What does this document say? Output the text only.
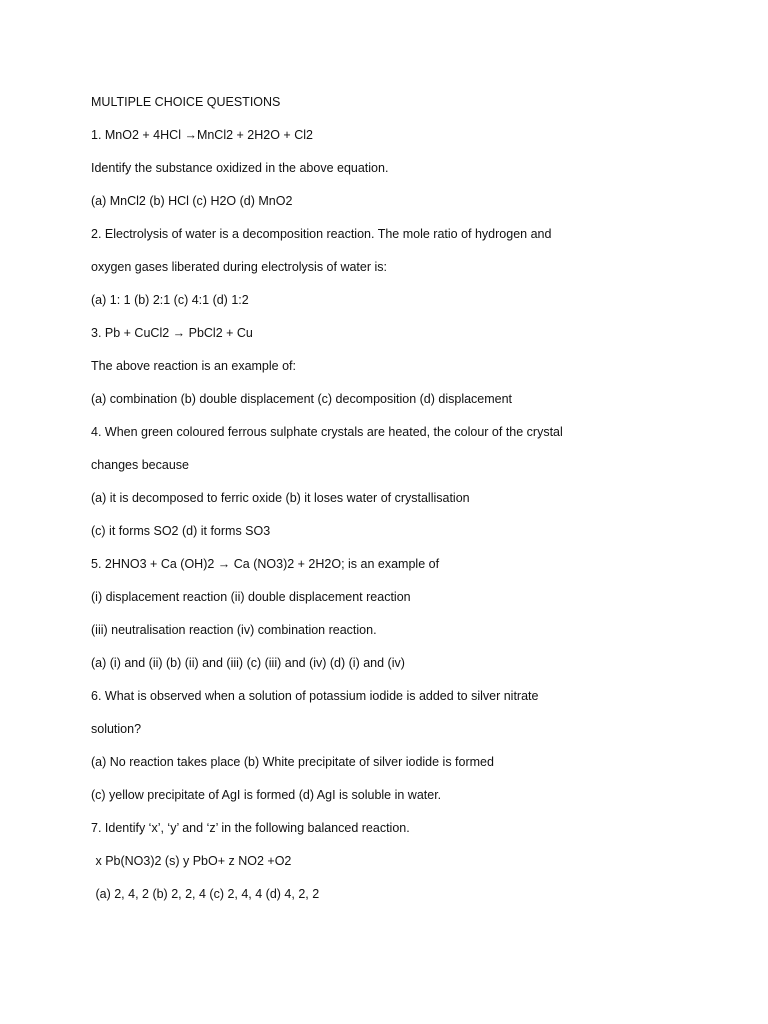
MULTIPLE CHOICE QUESTIONS

1. MnO2 + 4HCl →MnCl2 + 2H2O + Cl2

Identify the substance oxidized in the above equation.

(a) MnCl2 (b) HCl (c) H2O (d) MnO2

2. Electrolysis of water is a decomposition reaction. The mole ratio of hydrogen and

oxygen gases liberated during electrolysis of water is:

(a) 1: 1 (b) 2:1 (c) 4:1 (d) 1:2

3. Pb + CuCl2 → PbCl2 + Cu

The above reaction is an example of:

(a) combination (b) double displacement (c) decomposition (d) displacement

4. When green coloured ferrous sulphate crystals are heated, the colour of the crystal

changes because

(a) it is decomposed to ferric oxide (b) it loses water of crystallisation

(c) it forms SO2 (d) it forms SO3

5. 2HNO3 + Ca (OH)2 → Ca (NO3)2 + 2H2O; is an example of

(i) displacement reaction (ii) double displacement reaction

(iii) neutralisation reaction (iv) combination reaction.

(a) (i) and (ii) (b) (ii) and (iii) (c) (iii) and (iv) (d) (i) and (iv)

6. What is observed when a solution of potassium iodide is added to silver nitrate

solution?

(a) No reaction takes place (b) White precipitate of silver iodide is formed

(c) yellow precipitate of AgI is formed (d) AgI is soluble in water.

7. Identify ‘x’, ‘y’ and ‘z’ in the following balanced reaction.

x Pb(NO3)2 (s) y PbO+ z NO2 +O2

(a) 2, 4, 2 (b) 2, 2, 4 (c) 2, 4, 4 (d) 4, 2, 2
